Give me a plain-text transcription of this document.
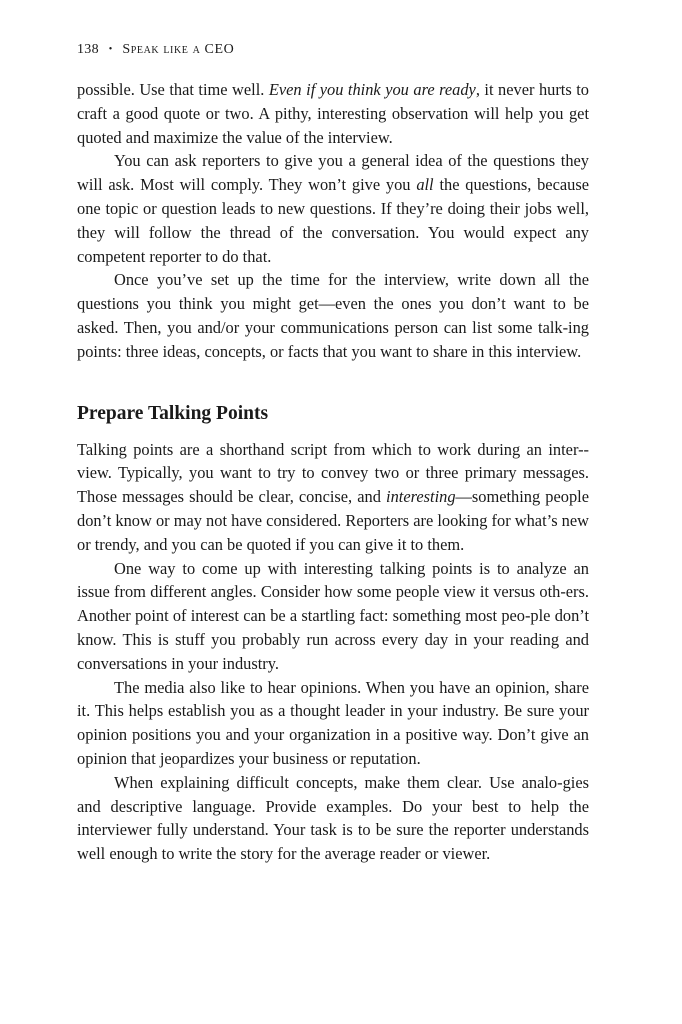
138 • Speak like a CEO

possible. Use that time well. Even if you think you are ready, it never hurts to craft a good quote or two. A pithy, interesting observation will help you get quoted and maximize the value of the interview.

You can ask reporters to give you a general idea of the questions they will ask. Most will comply. They won’t give you all the questions, because one topic or question leads to new questions. If they’re doing their jobs well, they will follow the thread of the conversation. You would expect any competent reporter to do that.

Once you’ve set up the time for the interview, write down all the questions you think you might get—even the ones you don’t want to be asked. Then, you and/or your communications person can list some talk-ing points: three ideas, concepts, or facts that you want to share in this interview.

Prepare Talking Points

Talking points are a shorthand script from which to work during an inter-view. Typically, you want to try to convey two or three primary messages. Those messages should be clear, concise, and interesting—something people don’t know or may not have considered. Reporters are looking for what’s new or trendy, and you can be quoted if you can give it to them.

One way to come up with interesting talking points is to analyze an issue from different angles. Consider how some people view it versus oth-ers. Another point of interest can be a startling fact: something most peo-ple don’t know. This is stuff you probably run across every day in your reading and conversations in your industry.

The media also like to hear opinions. When you have an opinion, share it. This helps establish you as a thought leader in your industry. Be sure your opinion positions you and your organization in a positive way. Don’t give an opinion that jeopardizes your business or reputation.

When explaining difficult concepts, make them clear. Use analo-gies and descriptive language. Provide examples. Do your best to help the interviewer fully understand. Your task is to be sure the reporter understands well enough to write the story for the average reader or viewer.
